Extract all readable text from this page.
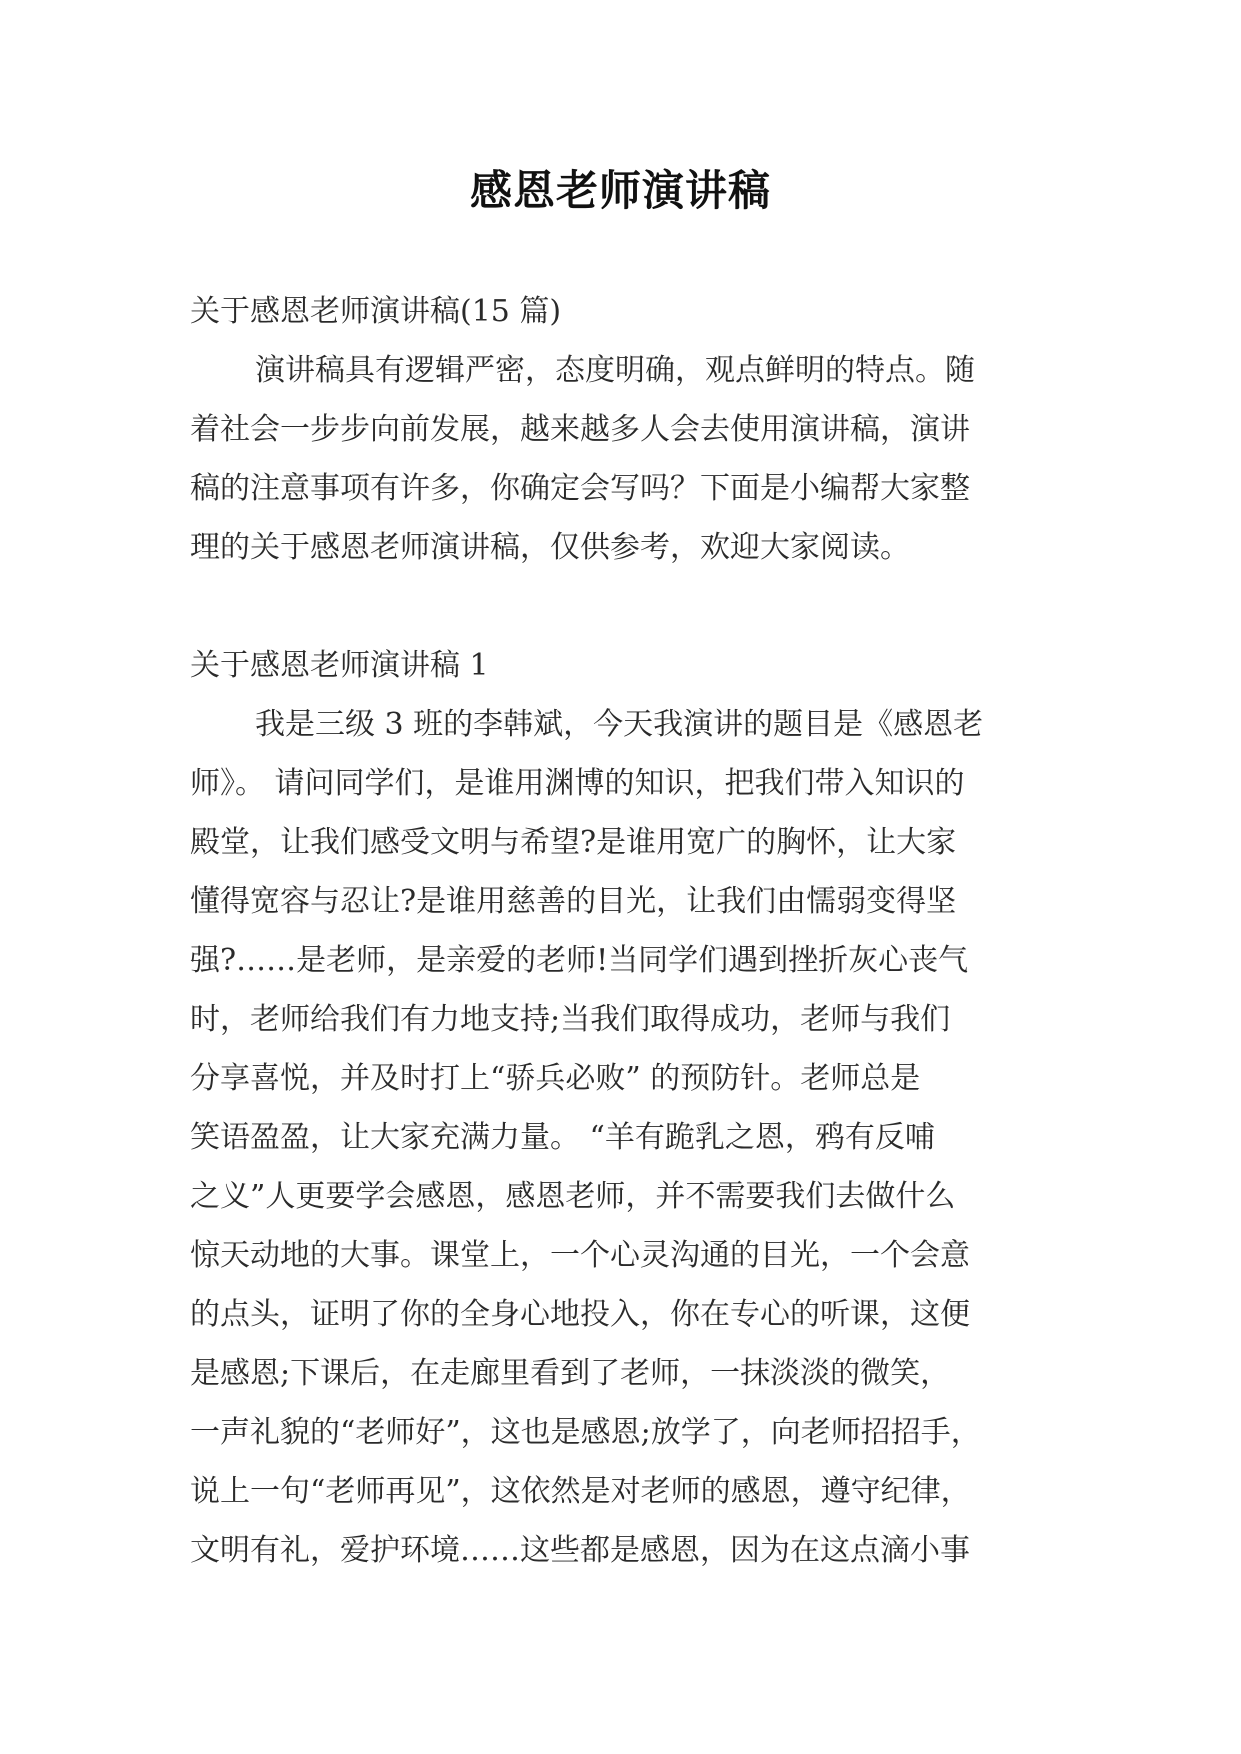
感恩老师演讲稿

关于感恩老师演讲稿(15 篇)

演讲稿具有逻辑严密，态度明确，观点鲜明的特点。随

着社会一步步向前发展，越来越多人会去使用演讲稿，演讲

稿的注意事项有许多，你确定会写吗？下面是小编帮大家整

理的关于感恩老师演讲稿，仅供参考，欢迎大家阅读。

关于感恩老师演讲稿 1

我是三级 3 班的李韩斌，今天我演讲的题目是《感恩老

师》。 请问同学们，是谁用渊博的知识，把我们带入知识的

殿堂，让我们感受文明与希望?是谁用宽广的胸怀，让大家

懂得宽容与忍让?是谁用慈善的目光，让我们由懦弱变得坚

强?……是老师，是亲爱的老师!当同学们遇到挫折灰心丧气

时，老师给我们有力地支持;当我们取得成功，老师与我们

分享喜悦，并及时打上“骄兵必败” 的预防针。老师总是

笑语盈盈，让大家充满力量。 “羊有跪乳之恩，鸦有反哺

之义”人更要学会感恩，感恩老师，并不需要我们去做什么

惊天动地的大事。课堂上，一个心灵沟通的目光，一个会意

的点头，证明了你的全身心地投入，你在专心的听课，这便

是感恩;下课后，在走廊里看到了老师，一抹淡淡的微笑，

一声礼貌的“老师好”，这也是感恩;放学了，向老师招招手，

说上一句“老师再见”，这依然是对老师的感恩，遵守纪律，

文明有礼，爱护环境……这些都是感恩，因为在这点滴小事
